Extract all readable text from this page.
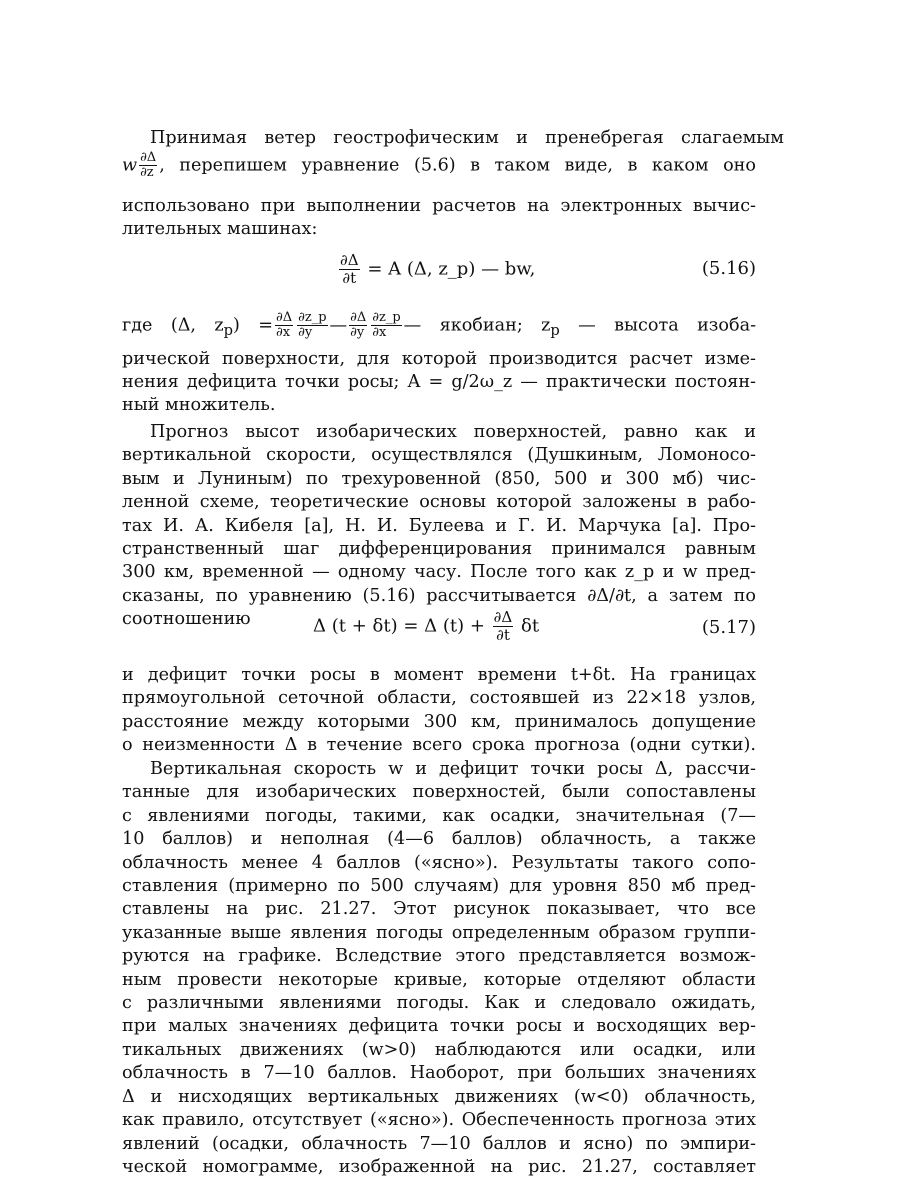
Принимая ветер геострофическим и пренебрегая слагаемым
w $\frac{\partial\Delta}{\partial z}$ , перепишем уравнение (5.6) в таком виде, в каком оно
использовано при выполнении расчетов на электронных вычис-
лительных машинах:
$\frac{\partial\Delta}{\partial t} = A$ (Δ, z_p) — bw,	(5.16)
где (Δ, $z_p) = \frac{\partial\Delta}{\partial x} \frac{\partial z\_p}{\partial y}$ — $\frac{\partial\Delta}{\partial y} \frac{\partial z\_p}{\partial x}$ — якобиан; $z_p$ — высота изоба-
рической поверхности, для которой производится расчет изме-
нения дефицита точки росы; A = g/2ω_z — практически постоян-
ный множитель.
Прогноз высот изобарических поверхностей, равно как и
вертикальной скорости, осуществлялся (Душкиным, Ломоносо-
вым и Луниным) по трехуровенной (850, 500 и 300 мб) чис-
ленной схеме, теоретические основы которой заложены в рабо-
тах И. А. Кибеля [а], Н. И. Булеева и Г. И. Марчука [а]. Про-
странственный шаг дифференцирования принимался равным
300 км, временной — одному часу. После того как z_p и w пред-
сказаны, по уравнению (5.16) рассчитывается ∂Δ/∂t, а затем по
соотношению	Δ (t + δt) = Δ $(t) + \frac{\partial\Delta}{\partial t}$ δt	(5.17)
и дефицит точки росы в момент времени t+δt. На границах
прямоугольной сеточной области, состоявшей из 22×18 узлов,
расстояние между которыми 300 км, принималось допущение
о неизменности Δ в течение всего срока прогноза (одни сутки).
Вертикальная скорость w и дефицит точки росы Δ, рассчи-
танные для изобарических поверхностей, были сопоставлены
с явлениями погоды, такими, как осадки, значительная (7—
10 баллов) и неполная (4—6 баллов) облачность, а также
облачность менее 4 баллов («ясно»). Результаты такого сопо-
ставления (примерно по 500 случаям) для уровня 850 мб пред-
ставлены на рис. 21.27. Этот рисунок показывает, что все
указанные выше явления погоды определенным образом группи-
руются на графике. Вследствие этого представляется возмож-
ным провести некоторые кривые, которые отделяют области
с различными явлениями погоды. Как и следовало ожидать,
при малых значениях дефицита точки росы и восходящих вер-
тикальных движениях (w>0) наблюдаются или осадки, или
облачность в 7—10 баллов. Наоборот, при больших значениях
Δ и нисходящих вертикальных движениях (w<0) облачность,
как правило, отсутствует («ясно»). Обеспеченность прогноза этих
явлений (осадки, облачность 7—10 баллов и ясно) по эмпири-
ческой номограмме, изображенной на рис. 21.27, составляет
